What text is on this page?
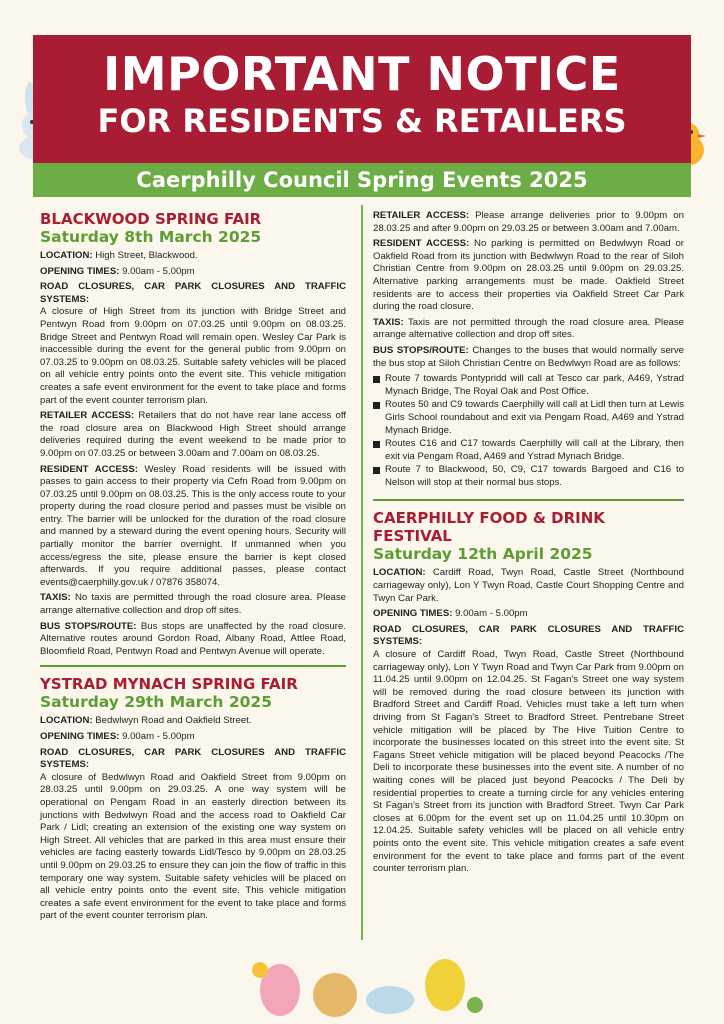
IMPORTANT NOTICE
FOR RESIDENTS & RETAILERS
Caerphilly Council Spring Events 2025
BLACKWOOD SPRING FAIR
Saturday 8th March 2025

LOCATION: High Street, Blackwood.

OPENING TIMES: 9.00am - 5.00pm

ROAD CLOSURES, CAR PARK CLOSURES AND TRAFFIC SYSTEMS:
A closure of High Street from its junction with Bridge Street and Pentwyn Road from 9.00pm on 07.03.25 until 9.00pm on 08.03.25. Bridge Street and Pentwyn Road will remain open. Wesley Car Park is inaccessible during the event for the general public from 9.00pm on 07.03.25 to 9.00pm on 08.03.25. Suitable safety vehicles will be placed on all vehicle entry points onto the event site. This vehicle mitigation creates a safe event environment for the event to take place and forms part of the event counter terrorism plan.

RETAILER ACCESS: Retailers that do not have rear lane access off the road closure area on Blackwood High Street should arrange deliveries required during the event weekend to be made prior to 9.00pm on 07.03.25 or between 3.00am and 7.00am on 08.03.25.

RESIDENT ACCESS: Wesley Road residents will be issued with passes to gain access to their property via Cefn Road from 9.00pm on 07.03.25 until 9.00pm on 08.03.25. This is the only access route to your property during the road closure period and passes must be visible on entry. The barrier will be unlocked for the duration of the road closure and manned by a steward during the event opening hours. Security will partially monitor the barrier overnight. If unmanned when you access/egress the site, please ensure the barrier is kept closed afterwards. If you require additional passes, please contact events@caerphilly.gov.uk / 07876 358074.

TAXIS: No taxis are permitted through the road closure area. Please arrange alternative collection and drop off sites.

BUS STOPS/ROUTE: Bus stops are unaffected by the road closure. Alternative routes around Gordon Road, Albany Road, Attlee Road, Bloomfield Road, Pentwyn Road and Pentwyn Avenue will operate.

YSTRAD MYNACH SPRING FAIR
Saturday 29th March 2025

LOCATION: Bedwlwyn Road and Oakfield Street.

OPENING TIMES: 9.00am - 5.00pm

ROAD CLOSURES, CAR PARK CLOSURES AND TRAFFIC SYSTEMS:
A closure of Bedwlwyn Road and Oakfield Street from 9.00pm on 28.03.25 until 9.00pm on 29.03.25. A one way system will be operational on Pengam Road in an easterly direction between its junctions with Bedwlwyn Road and the access road to Oakfield Car Park / Lidl; creating an extension of the existing one way system on High Street. All vehicles that are parked in this area must ensure their vehicles are facing easterly towards Lidl/Tesco by 9.00pm on 28.03.25 until 9.00pm on 29.03.25 to ensure they can join the flow of traffic in this temporary one way system. Suitable safety vehicles will be placed on all vehicle entry points onto the event site. This vehicle mitigation creates a safe event environment for the event to take place and forms part of the event counter terrorism plan.

RETAILER ACCESS: Please arrange deliveries prior to 9.00pm on 28.03.25 and after 9.00pm on 29.03.25 or between 3.00am and 7.00am.

RESIDENT ACCESS: No parking is permitted on Bedwlwyn Road or Oakfield Road from its junction with Bedwlwyn Road to the rear of Siloh Christian Centre from 9.00pm on 28.03.25 until 9.00pm on 29.03.25. Alternative parking arrangements must be made. Oakfield Street residents are to access their properties via Oakfield Street Car Park during the road closure.

TAXIS: Taxis are not permitted through the road closure area. Please arrange alternative collection and drop off sites.

BUS STOPS/ROUTE: Changes to the buses that would normally serve the bus stop at Siloh Christian Centre on Bedwlwyn Road are as follows:

Route 7 towards Pontypridd will call at Tesco car park, A469, Ystrad Mynach Bridge, The Royal Oak and Post Office.
Routes 50 and C9 towards Caerphilly will call at Lidl then turn at Lewis Girls School roundabout and exit via Pengam Road, A469 and Ystrad Mynach Bridge.
Routes C16 and C17 towards Caerphilly will call at the Library, then exit via Pengam Road, A469 and Ystrad Mynach Bridge.
Route 7 to Blackwood, 50, C9, C17 towards Bargoed and C16 to Nelson will stop at their normal bus stops.
CAERPHILLY FOOD & DRINK FESTIVAL
Saturday 12th April 2025

LOCATION: Cardiff Road, Twyn Road, Castle Street (Northbound carriageway only), Lon Y Twyn Road, Castle Court Shopping Centre and Twyn Car Park.

OPENING TIMES: 9.00am - 5.00pm

ROAD CLOSURES, CAR PARK CLOSURES AND TRAFFIC SYSTEMS:
A closure of Cardiff Road, Twyn Road, Castle Street (Northbound carriageway only), Lon Y Twyn Road and Twyn Car Park from 9.00pm on 11.04.25 until 9.00pm on 12.04.25. St Fagan's Street one way system will be removed during the road closure between its junction with Bradford Street and Cardiff Road. Vehicles must take a left turn when driving from St Fagan's Street to Bradford Street. Pentrebane Street vehicle mitigation will be placed by The Hive Tuition Centre to incorporate the businesses located on this street into the event site. St Fagans Street vehicle mitigation will be placed beyond Peacocks /The Deli to incorporate these businesses into the event site. A number of no waiting cones will be placed just beyond Peacocks / The Deli by residential properties to create a turning circle for any vehicles entering St Fagan's Street from its junction with Bradford Street. Twyn Car Park closes at 6.00pm for the event set up on 11.04.25 until 10.30pm on 12.04.25. Suitable safety vehicles will be placed on all vehicle entry points onto the event site. This vehicle mitigation creates a safe event environment for the event to take place and forms part of the event counter terrorism plan.
